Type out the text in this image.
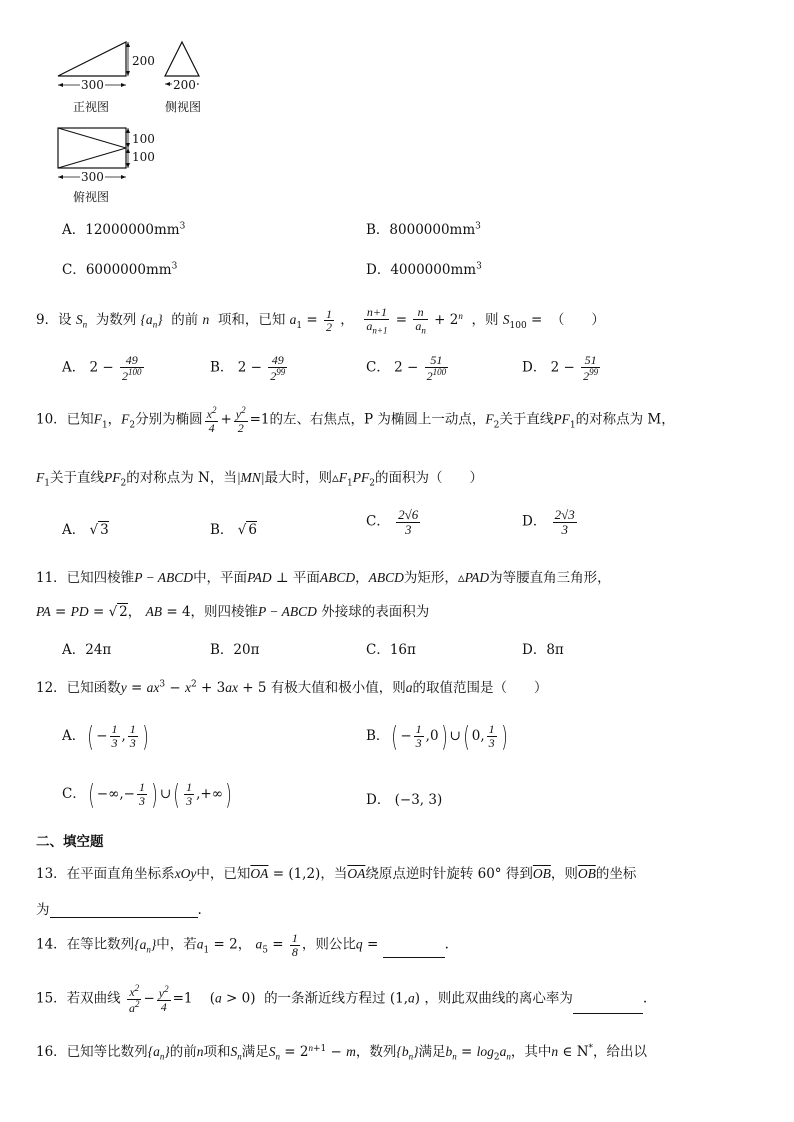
300
200
正视图
200
侧视图
100
100
300
俯视图
A．$12000000mm^3$	B．$8000000mm^3$
C．$6000000mm^3$	D．$4000000mm^3$
9．设 $S_n$ 为数列 $\{a_n\}$ 的前 n 项和，已知 $a_1 = \frac{1}{2}$ ， $\frac{n+1}{a_{n+1}} = \frac{n}{a_n} + 2^n$ ，则 $S_{100}$ =  （　　）
A． $2 - \frac{49}{2^{100}}$	B． $2 - \frac{49}{2^{99}}$	C． $2 - \frac{51}{2^{100}}$	D． $2 - \frac{51}{2^{99}}$
10．已知$F_1$，$F_2$分别为椭圆 $\frac{x^2}{4} + \frac{y^2}{2} =1$的左、右焦点，P 为椭圆上一动点，$F_2$关于直线$PF_1$的对称点为 M，
$F_1$关于直线$PF_2$的对称点为 N，当|MN|最大时，则$▵F_1PF_2$的面积为（　　）
A． √ 3	B． √ 6
C． $\frac{2√6}{3}$	D． $\frac{2√3}{3}$
11．已知四棱锥P − ABCD中，平面PAD ⊥ 平面ABCD，ABCD为矩形，▵PAD为等腰直角三角形，
PA = PD = √ 2， AB = 4，则四棱锥P − ABCD 外接球的表面积为
A．24π	B．20π	C．16π	D．8π
12．已知函数$y = ax^3 - x^2 + 3ax + 5$ 有极大值和极小值，则a的取值范围是（　　）
A．( − $\frac{1}{3}$ , $\frac{1}{3}$ )	B．( − $\frac{1}{3} ,0$) ∪( 0, $\frac{1}{3}$ )
C．( −∞,− $\frac{1}{3}$ ) ∪( $\frac{1}{3}$ ,+∞)	D． (−3, 3)
二、填空题
13．在平面直角坐标系xOy中，已知$\overline{OA} = (1,2)$，当$\overline{OA}$绕原点逆时针旋转 60° 得到$\overline{OB}$，则$\overline{OB}$的坐标
为	.
14．在等比数列$\{a_n\}$中，若$a_1 = 2$， $a_5 = \frac{1}{8}$ ，则公比q =	.
15．若双曲线 $\frac{x^2}{a^2} - \frac{y^2}{4} =1$    (a > 0)  的一条渐近线方程过 (1,a) ，则此双曲线的离心率为	.
16．已知等比数列$\{a_n\}$的前n项和$S_n$满足$S_n = 2^{n+1} - m$，数列$\{b_n\}$满足$b_n = \log_2a_n$，其中n ∈ N*，给出以
